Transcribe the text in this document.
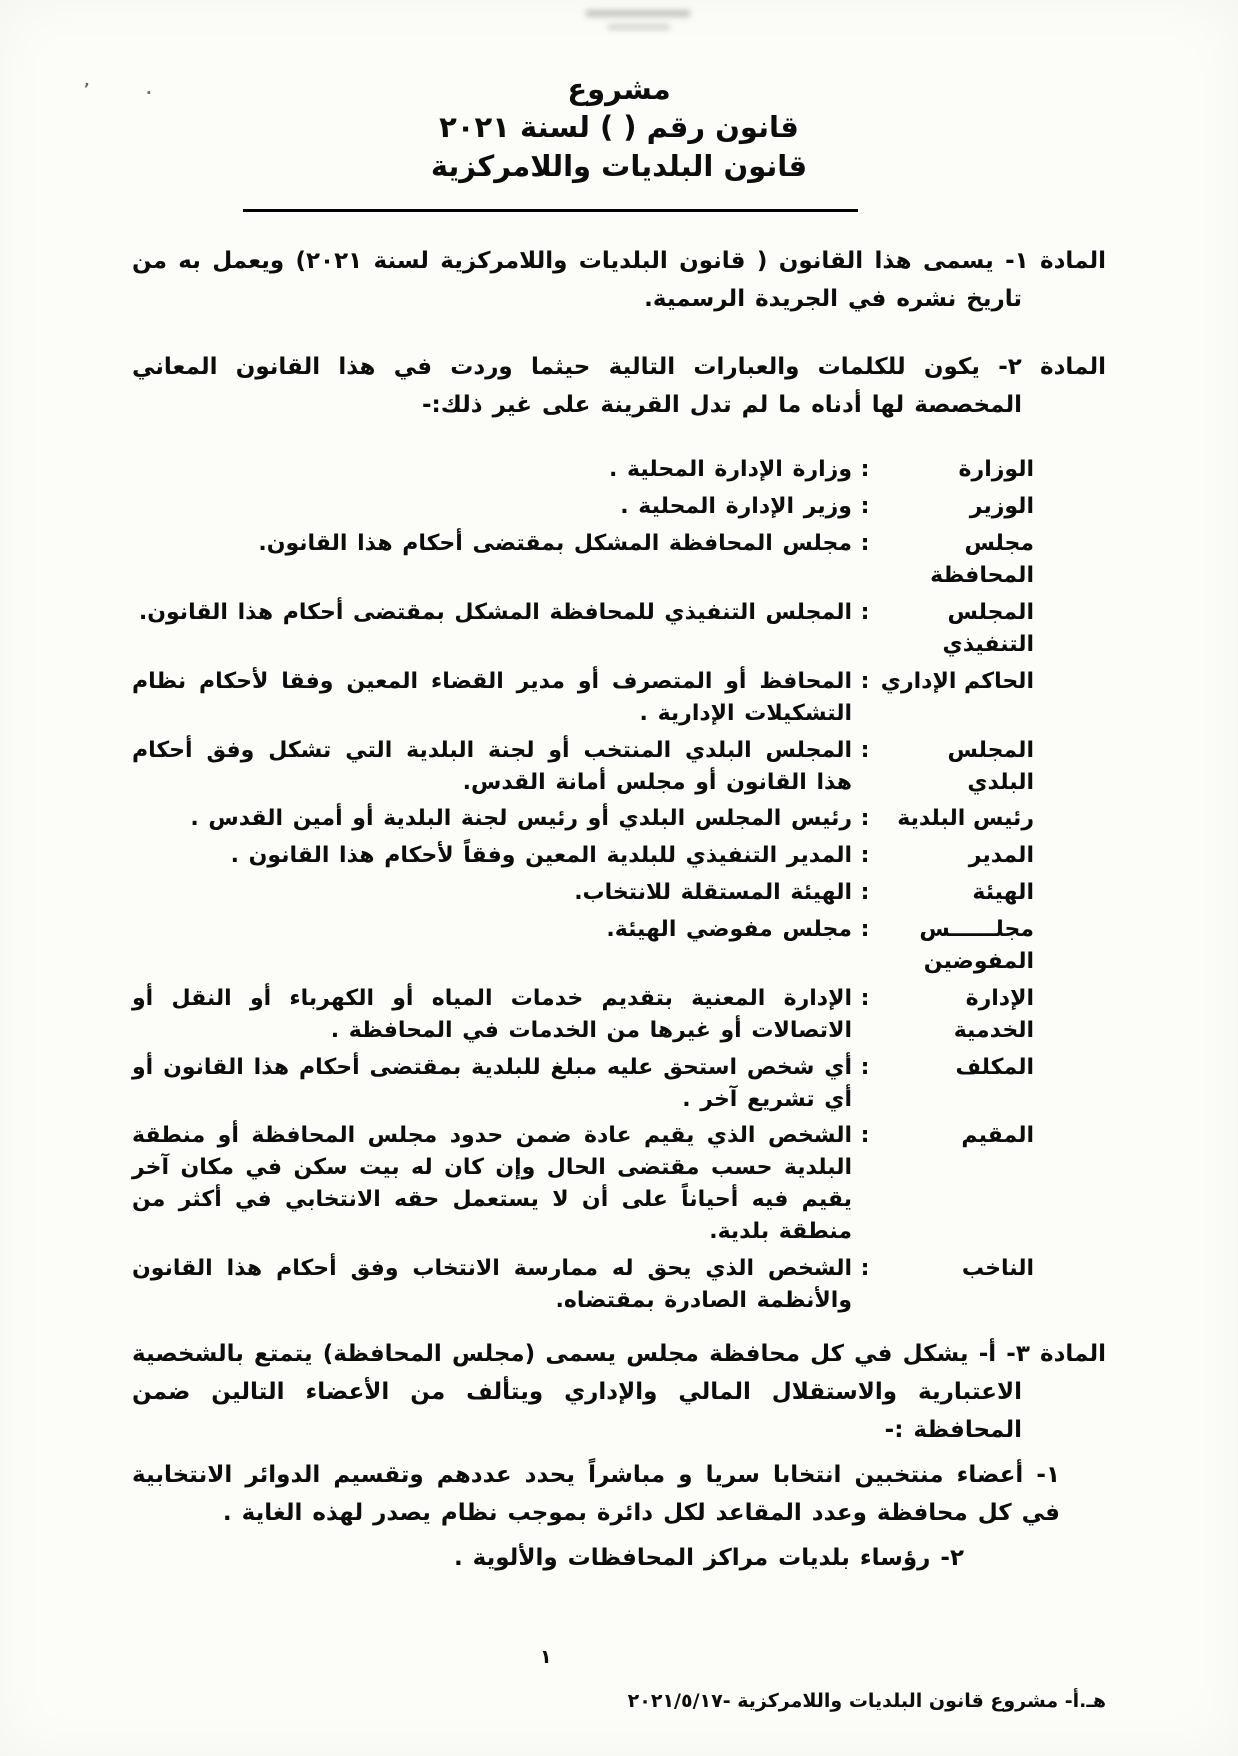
٬	·	مشروع
قانون رقم ( ) لسنة ٢٠٢١
قانون البلديات واللامركزية

المادة ١- يسمى هذا القانون ( قانون البلديات واللامركزية لسنة ٢٠٢١) ويعمل به من تاريخ نشره في الجريدة الرسمية.

المادة ٢- يكون للكلمات والعبارات التالية حيثما وردت في هذا القانون المعاني المخصصة لها أدناه ما لم تدل القرينة على غير ذلك:-

الوزارة
:
وزارة الإدارة المحلية .
الوزير
:
وزير الإدارة المحلية .
مجلس المحافظة
:
مجلس المحافظة المشكل بمقتضى أحكام هذا القانون.
المجلس التنفيذي
:
المجلس التنفيذي للمحافظة المشكل بمقتضى أحكام هذا القانون.
الحاكم الإداري
:
المحافظ أو المتصرف أو مدير القضاء المعين وفقا لأحكام نظام التشكيلات الإدارية .
المجلس البلدي
:
المجلس البلدي المنتخب أو لجنة البلدية التي تشكل وفق أحكام هذا القانون أو مجلس أمانة القدس.
رئيس البلدية
:
رئيس المجلس البلدي أو رئيس لجنة البلدية أو أمين القدس .
المدير
:
المدير التنفيذي للبلدية المعين وفقاً لأحكام هذا القانون .
الهيئة
:
الهيئة المستقلة للانتخاب.
مجلــــــس المفوضين
:
مجلس مفوضي الهيئة.
الإدارة الخدمية
:
الإدارة المعنية بتقديم خدمات المياه أو الكهرباء أو النقل أو الاتصالات أو غيرها من الخدمات في المحافظة .
المكلف
:
أي شخص استحق عليه مبلغ للبلدية بمقتضى أحكام هذا القانون أو أي تشريع آخر .
المقيم
:
الشخص الذي يقيم عادة ضمن حدود مجلس المحافظة أو منطقة البلدية حسب مقتضى الحال وإن كان له بيت سكن في مكان آخر يقيم فيه أحياناً على أن لا يستعمل حقه الانتخابي في أكثر من منطقة بلدية.
الناخب
:
الشخص الذي يحق له ممارسة الانتخاب وفق أحكام هذا القانون والأنظمة الصادرة بمقتضاه.

المادة ٣- أ- يشكل في كل محافظة مجلس يسمى (مجلس المحافظة) يتمتع بالشخصية الاعتبارية والاستقلال المالي والإداري ويتألف من الأعضاء التالين ضمن المحافظة :-

١- أعضاء منتخبين انتخابا سريا و مباشراً يحدد عددهم وتقسيم الدوائر الانتخابية في كل محافظة وعدد المقاعد لكل دائرة بموجب نظام يصدر لهذه الغاية .

٢- رؤساء بلديات مراكز المحافظات والألوية .

١
هـ.أ- مشروع قانون البلديات واللامركزية -٢٠٢١/٥/١٧
